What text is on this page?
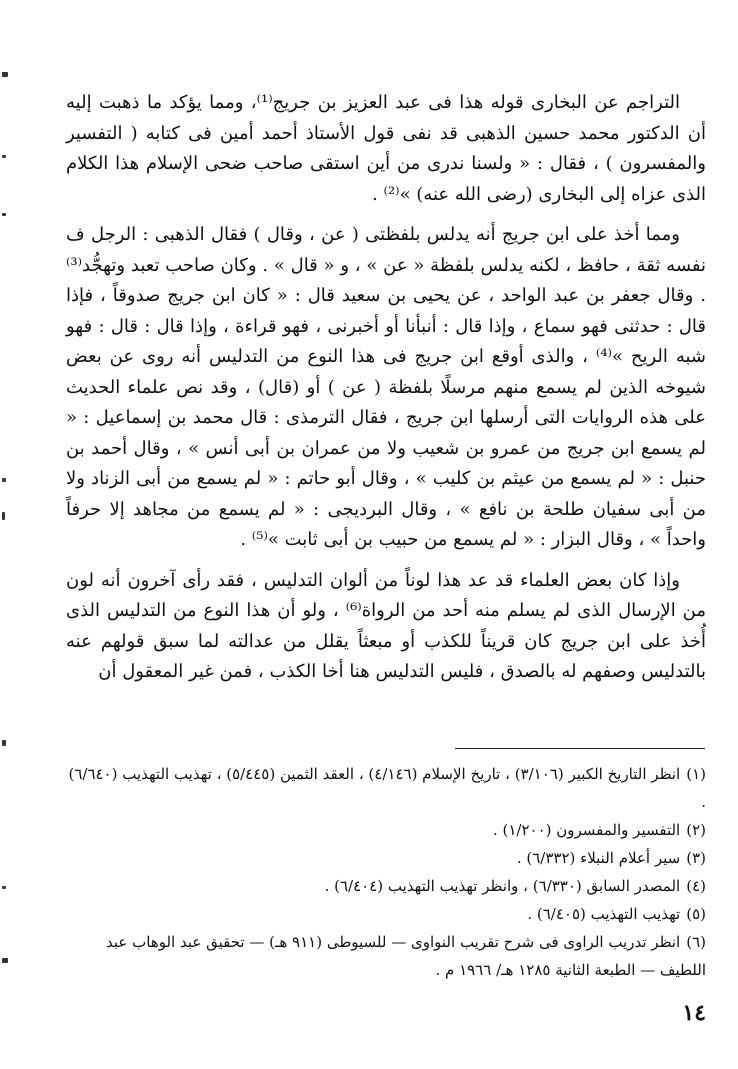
التراجم عن البخارى قوله هذا فى عبد العزيز بن جريج⁽¹⁾، ومما يؤكد ما ذهبت إليه أن الدكتور محمد حسين الذهبى قد نفى قول الأستاذ أحمد أمين فى كتابه ( التفسير والمفسرون ) ، فقال : « ولسنا ندرى من أين استقى صاحب ضحى الإسلام هذا الكلام الذى عزاه إلى البخارى (رضى الله عنه) »⁽²⁾ .

ومما أخذ على ابن جريج أنه يدلس بلفظتى ( عن ، وقال ) فقال الذهبى : الرجل ف نفسه ثقة ، حافظ ، لكنه يدلس بلفظة « عن » ، و « قال » . وكان صاحب تعبد وتهجُّد⁽³⁾ . وقال جعفر بن عبد الواحد ، عن يحيى بن سعيد قال : « كان ابن جريج صدوقاً ، فإذا قال : حدثنى فهو سماع ، وإذا قال : أنبأنا أو أخبرنى ، فهو قراءة ، وإذا قال : قال : فهو شبه الريح »⁽⁴⁾ ، والذى أوقع ابن جريج فى هذا النوع من التدليس أنه روى عن بعض شيوخه الذين لم يسمع منهم مرسلًا بلفظة ( عن ) أو (قال) ، وقد نص علماء الحديث على هذه الروايات التى أرسلها ابن جريج ، فقال الترمذى : قال محمد بن إسماعيل : « لم يسمع ابن جريج من عمرو بن شعيب ولا من عمران بن أبى أنس » ، وقال أحمد بن حنبل : « لم يسمع من عيثم بن كليب » ، وقال أبو حاتم : « لم يسمع من أبى الزناد ولا من أبى سفيان طلحة بن نافع » ، وقال البرديجى : « لم يسمع من مجاهد إلا حرفاً واحداً » ، وقال البزار : « لم يسمع من حبيب بن أبى ثابت »⁽⁵⁾ .

وإذا كان بعض العلماء قد عد هذا لوناً من ألوان التدليس ، فقد رأى آخرون أنه لون من الإرسال الذى لم يسلم منه أحد من الرواة⁽⁶⁾ ، ولو أن هذا النوع من التدليس الذى أُخذ على ابن جريج كان قريناً للكذب أو مبعثاً يقلل من عدالته لما سبق قولهم عنه بالتدليس وصفهم له بالصدق ، فليس التدليس هنا أخا الكذب ، فمن غير المعقول أن

(١)انظر التاريخ الكبير (٣/١٠٦) ، تاريخ الإسلام (٤/١٤٦) ، العقد الثمين (٥/٤٤٥) ، تهذيب التهذيب (٦/٦٤٠) .

(٢)التفسير والمفسرون (١/٢٠٠) .

(٣)سير أعلام النبلاء (٦/٣٣٢) .

(٤)المصدر السابق (٦/٣٣٠) ، وانظر تهذيب التهذيب (٦/٤٠٤) .

(٥)تهذيب التهذيب (٦/٤٠٥) .

(٦)انظر تدريب الراوى فى شرح تقريب النواوى — للسيوطى (٩١١ هـ) — تحقيق عبد الوهاب عبد اللطيف — الطبعة الثانية ١٢٨٥ هـ/ ١٩٦٦ م .

١٤
